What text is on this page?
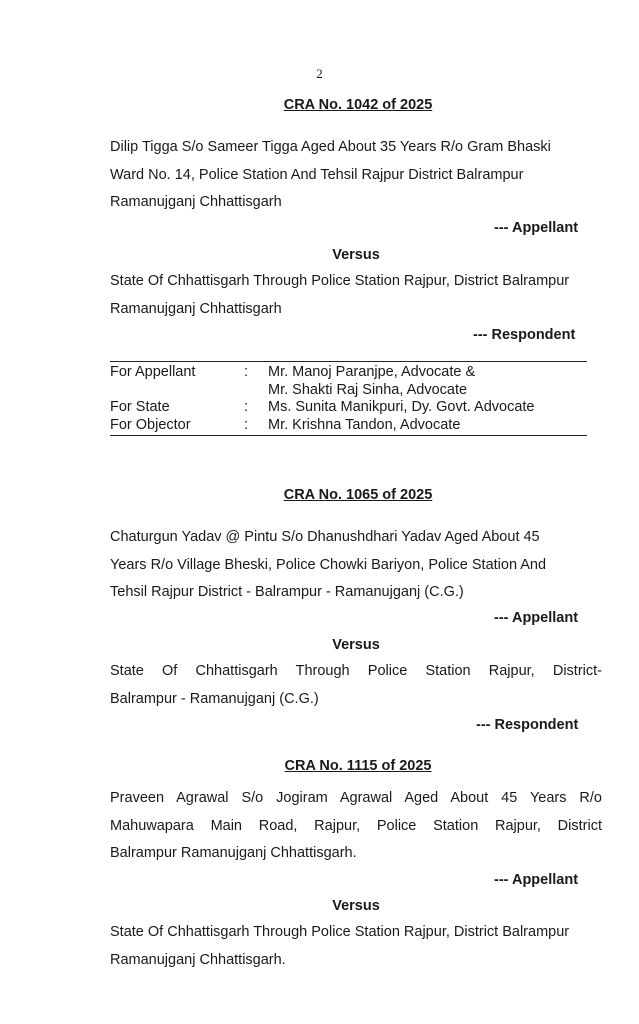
2
CRA No. 1042 of 2025
Dilip Tigga S/o Sameer Tigga Aged About 35 Years R/o Gram Bhaski
Ward No. 14, Police Station And Tehsil Rajpur District Balrampur
Ramanujganj Chhattisgarh
--- Appellant
Versus
State Of Chhattisgarh Through Police Station Rajpur, District Balrampur
Ramanujganj Chhattisgarh
--- Respondent
For Appellant	: Mr. Manoj Paranjpe, Advocate &
Mr. Shakti Raj Sinha, Advocate
For State	: Ms. Sunita Manikpuri, Dy. Govt. Advocate
For Objector	: Mr. Krishna Tandon, Advocate
CRA No. 1065 of 2025
Chaturgun Yadav @ Pintu S/o Dhanushdhari Yadav Aged About 45
Years R/o Village Bheski, Police Chowki Bariyon, Police Station And
Tehsil Rajpur District - Balrampur - Ramanujganj (C.G.)
--- Appellant
Versus
State Of Chhattisgarh Through Police Station Rajpur, District-
Balrampur - Ramanujganj (C.G.)
--- Respondent
CRA No. 1115 of 2025
Praveen Agrawal S/o Jogiram Agrawal Aged About 45 Years R/o
Mahuwapara Main Road, Rajpur, Police Station Rajpur, District
Balrampur Ramanujganj Chhattisgarh.
--- Appellant
Versus
State Of Chhattisgarh Through Police Station Rajpur, District Balrampur
Ramanujganj Chhattisgarh.
